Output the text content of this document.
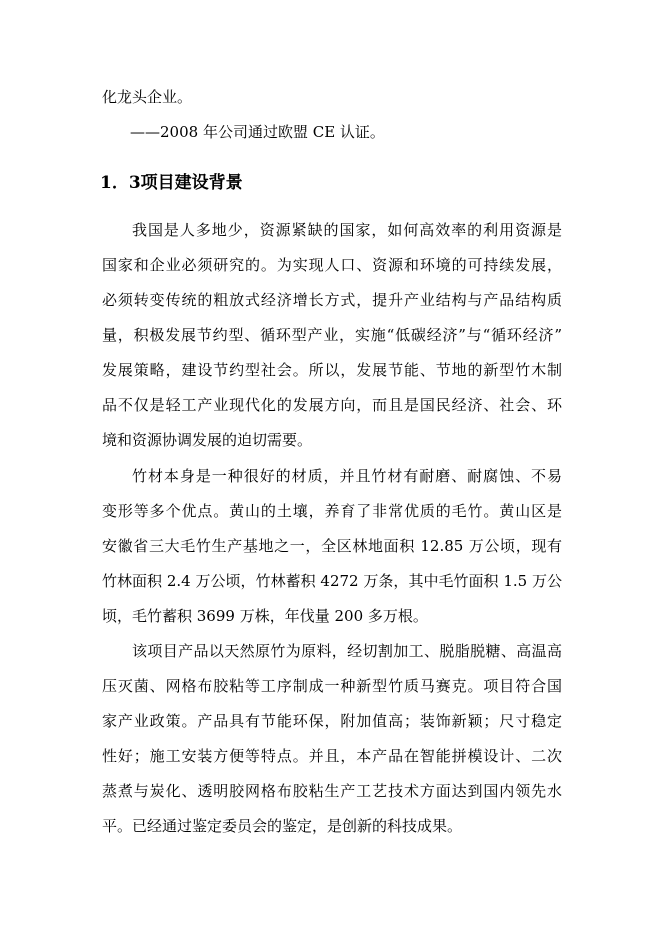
化龙头企业。
——2008 年公司通过欧盟 CE 认证。
1．3项目建设背景
我国是人多地少，资源紧缺的国家，如何高效率的利用资源是
国家和企业必须研究的。为实现人口、资源和环境的可持续发展，
必须转变传统的粗放式经济增长方式，提升产业结构与产品结构质
量，积极发展节约型、循环型产业，实施“低碳经济”与“循环经济”
发展策略，建设节约型社会。所以，发展节能、节地的新型竹木制
品不仅是轻工产业现代化的发展方向，而且是国民经济、社会、环
境和资源协调发展的迫切需要。
竹材本身是一种很好的材质，并且竹材有耐磨、耐腐蚀、不易
变形等多个优点。黄山的土壤，养育了非常优质的毛竹。黄山区是
安徽省三大毛竹生产基地之一，全区林地面积 12.85 万公顷，现有
竹林面积 2.4 万公顷，竹林蓄积 4272 万条，其中毛竹面积 1.5 万公
顷，毛竹蓄积 3699 万株，年伐量 200 多万根。
该项目产品以天然原竹为原料，经切割加工、脱脂脱糖、高温高
压灭菌、网格布胶粘等工序制成一种新型竹质马赛克。项目符合国
家产业政策。产品具有节能环保，附加值高；装饰新颖；尺寸稳定
性好；施工安装方便等特点。并且，本产品在智能拼模设计、二次
蒸煮与炭化、透明胶网格布胶粘生产工艺技术方面达到国内领先水
平。已经通过鉴定委员会的鉴定，是创新的科技成果。
